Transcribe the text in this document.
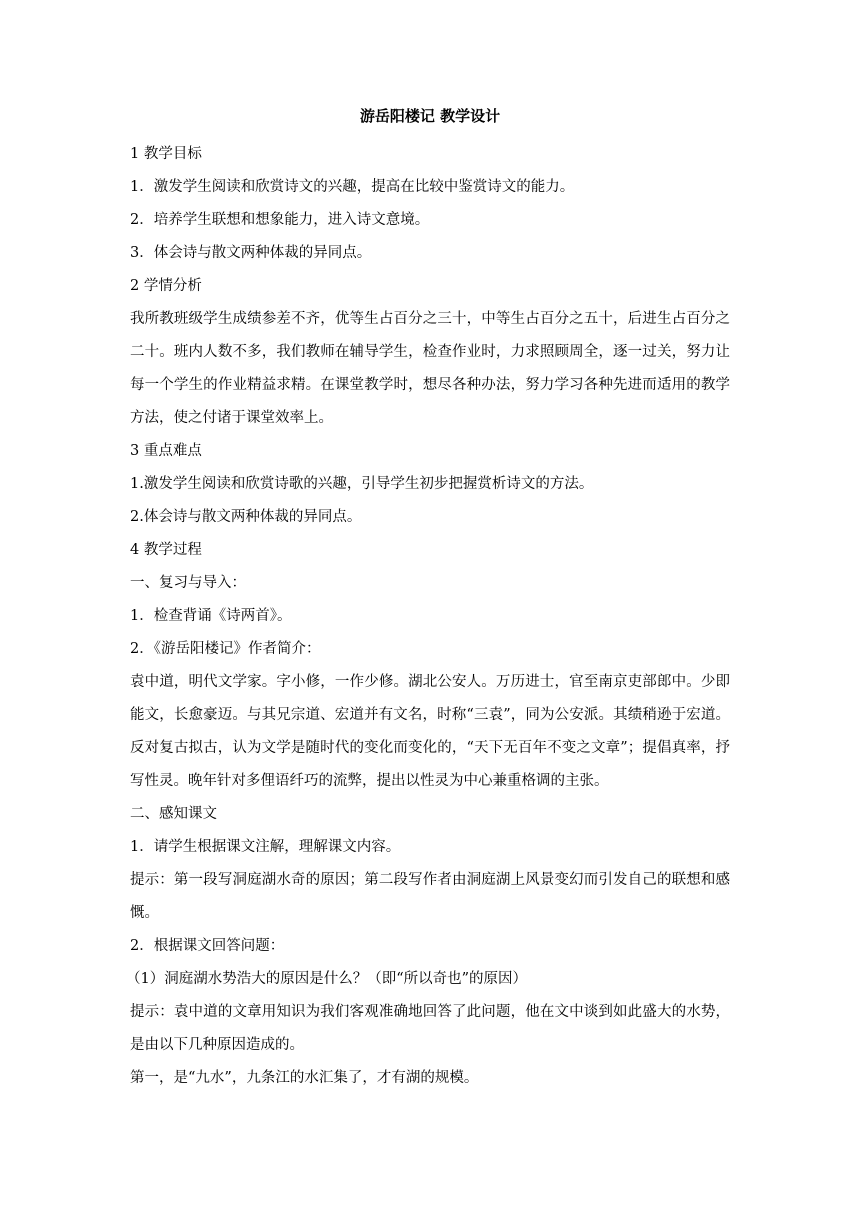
游岳阳楼记 教学设计

1 教学目标

1．激发学生阅读和欣赏诗文的兴趣，提高在比较中鉴赏诗文的能力。

2．培养学生联想和想象能力，进入诗文意境。

3．体会诗与散文两种体裁的异同点。

2 学情分析

我所教班级学生成绩参差不齐，优等生占百分之三十，中等生占百分之五十，后进生占百分之二十。班内人数不多，我们教师在辅导学生，检查作业时，力求照顾周全，逐一过关，努力让每一个学生的作业精益求精。在课堂教学时，想尽各种办法，努力学习各种先进而适用的教学方法，使之付诸于课堂效率上。

3 重点难点

1.激发学生阅读和欣赏诗歌的兴趣，引导学生初步把握赏析诗文的方法。

2.体会诗与散文两种体裁的异同点。

4 教学过程

一、复习与导入：

1．检查背诵《诗两首》。

2．《游岳阳楼记》作者简介：

袁中道，明代文学家。字小修，一作少修。湖北公安人。万历进士，官至南京吏部郎中。少即能文，长愈豪迈。与其兄宗道、宏道并有文名，时称“三袁”，同为公安派。其绩稍逊于宏道。反对复古拟古，认为文学是随时代的变化而变化的，“天下无百年不变之文章”；提倡真率，抒写性灵。晚年针对多俚语纤巧的流弊，提出以性灵为中心兼重格调的主张。

二、感知课文

1．请学生根据课文注解，理解课文内容。

提示：第一段写洞庭湖水奇的原因；第二段写作者由洞庭湖上风景变幻而引发自己的联想和感慨。

2．根据课文回答问题：

（1）洞庭湖水势浩大的原因是什么？（即“所以奇也”的原因）

提示：袁中道的文章用知识为我们客观准确地回答了此问题，他在文中谈到如此盛大的水势，是由以下几种原因造成的。

第一，是“九水”，九条江的水汇集了，才有湖的规模。
